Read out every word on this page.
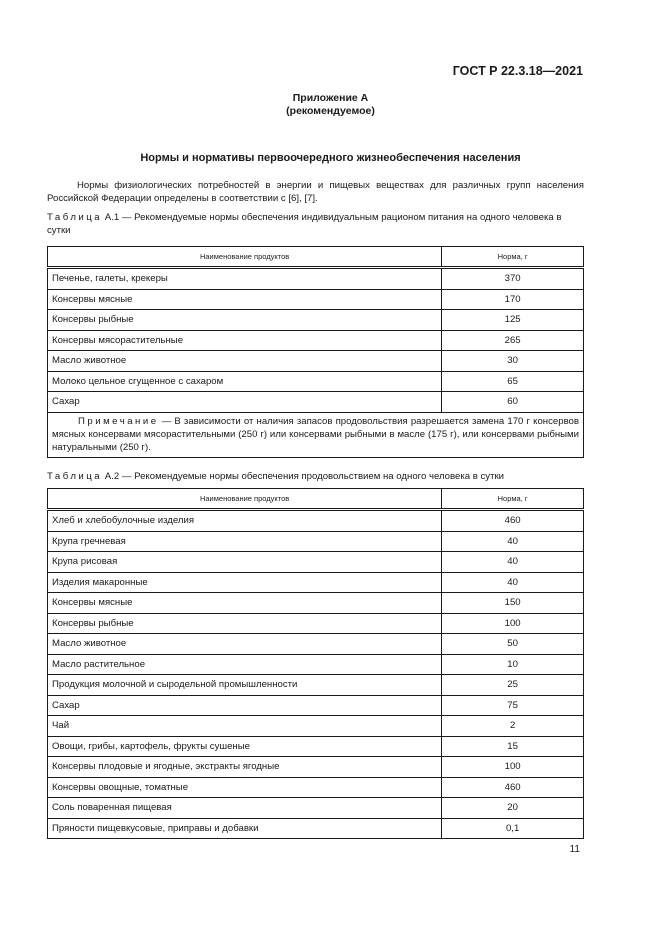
ГОСТ Р 22.3.18—2021
Приложение А
(рекомендуемое)
Нормы и нормативы первоочередного жизнеобеспечения населения
Нормы физиологических потребностей в энергии и пищевых веществах для различных групп населения Российской Федерации определены в соответствии с [6], [7].
Таблица А.1 — Рекомендуемые нормы обеспечения индивидуальным рационом питания на одного человека в сутки
Наименование продуктов	Норма, г
Печенье, галеты, крекеры	370
Консервы мясные	170
Консервы рыбные	125
Консервы мясорастительные	265
Масло животное	30
Молоко цельное сгущенное с сахаром	65
Сахар	60
Примечание — В зависимости от наличия запасов продовольствия разрешается замена 170 г консервов мясных консервами мясорастительными (250 г) или консервами рыбными в масле (175 г), или консервами рыбными натуральными (250 г).	
Таблица А.2 — Рекомендуемые нормы обеспечения продовольствием на одного человека в сутки
Наименование продуктов	Норма, г
Хлеб и хлебобулочные изделия	460
Крупа гречневая	40
Крупа рисовая	40
Изделия макаронные	40
Консервы мясные	150
Консервы рыбные	100
Масло животное	50
Масло растительное	10
Продукция молочной и сыродельной промышленности	25
Сахар	75
Чай	2
Овощи, грибы, картофель, фрукты сушеные	15
Консервы плодовые и ягодные, экстракты ягодные	100
Консервы овощные, томатные	460
Соль поваренная пищевая	20
Пряности пищевкусовые, приправы и добавки	0,1
11
